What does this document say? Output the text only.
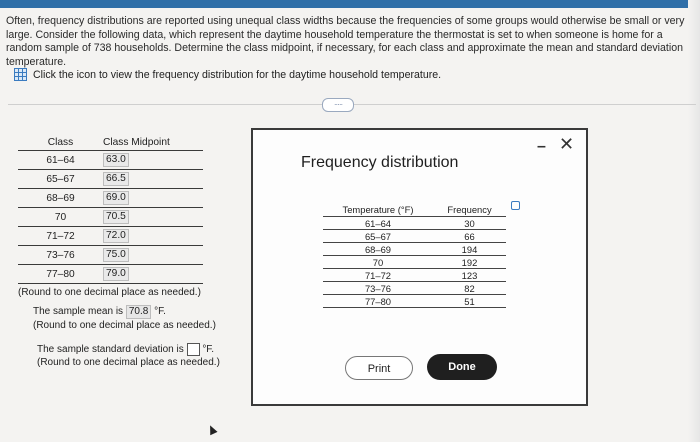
Often, frequency distributions are reported using unequal class widths because the frequencies of some groups would otherwise be small or very large. Consider the following data, which represent the daytime household temperature the thermostat is set to when someone is home for a random sample of 738 households. Determine the class midpoint, if necessary, for each class and approximate the mean and standard deviation temperature.
Click the icon to view the frequency distribution for the daytime household temperature.
·····
Class	Class Midpoint
61–64	63.0
65–67	66.5
68–69	69.0
70	70.5
71–72	72.0
73–76	75.0
77–80	79.0
(Round to one decimal place as needed.)
The sample mean is 70.8 °F.
(Round to one decimal place as needed.)
The sample standard deviation is °F.
(Round to one decimal place as needed.)
Frequency distribution
Temperature (°F)	Frequency
61–64	30
65–67	66
68–69	194
70	192
71–72	123
73–76	82
77–80	51
Print	Done
– ✕
